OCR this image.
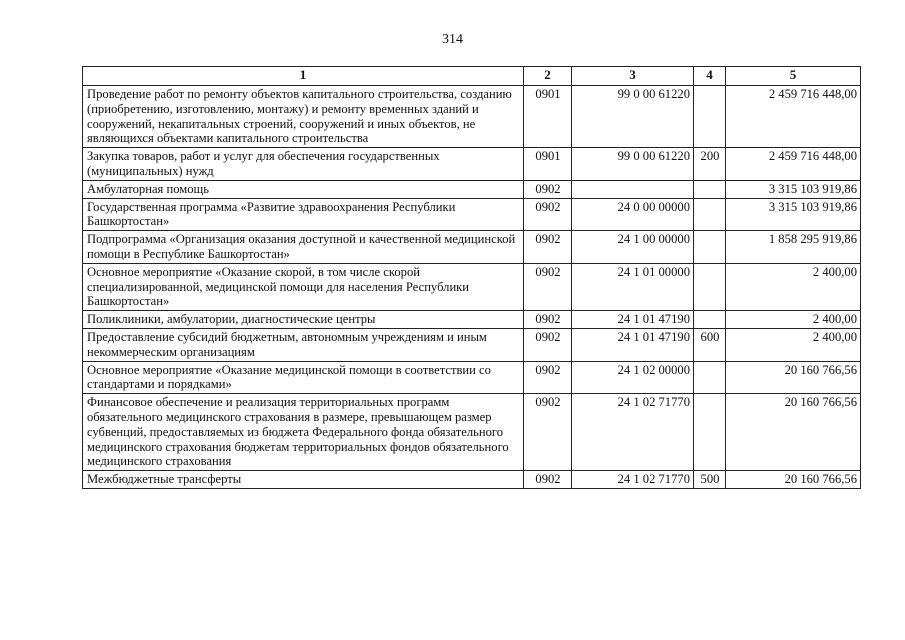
314
1	2	3	4	5
Проведение работ по ремонту объектов капитального строительства, созданию (приобретению, изготовлению, монтажу) и ремонту временных зданий и сооружений, некапитальных строений, сооружений и иных объектов, не являющихся объектами капитального строительства	0901	99 0 00 61220		2 459 716 448,00
Закупка товаров, работ и услуг для обеспечения государственных (муниципальных) нужд	0901	99 0 00 61220	200	2 459 716 448,00
Амбулаторная помощь	0902			3 315 103 919,86
Государственная программа «Развитие здравоохранения Республики Башкортостан»	0902	24 0 00 00000		3 315 103 919,86
Подпрограмма «Организация оказания доступной и качественной медицинской помощи в Республике Башкортостан»	0902	24 1 00 00000		1 858 295 919,86
Основное мероприятие «Оказание скорой, в том числе скорой специализированной, медицинской помощи для населения Республики Башкортостан»	0902	24 1 01 00000		2 400,00
Поликлиники, амбулатории, диагностические центры	0902	24 1 01 47190		2 400,00
Предоставление субсидий бюджетным, автономным учреждениям и иным некоммерческим организациям	0902	24 1 01 47190	600	2 400,00
Основное мероприятие «Оказание медицинской помощи в соответствии со стандартами и порядками»	0902	24 1 02 00000		20 160 766,56
Финансовое обеспечение и реализация территориальных программ обязательного медицинского страхования в размере, превышающем размер субвенций, предоставляемых из бюджета Федерального фонда обязательного медицинского страхования бюджетам территориальных фондов обязательного медицинского страхования	0902	24 1 02 71770		20 160 766,56
Межбюджетные трансферты	0902	24 1 02 71770	500	20 160 766,56
